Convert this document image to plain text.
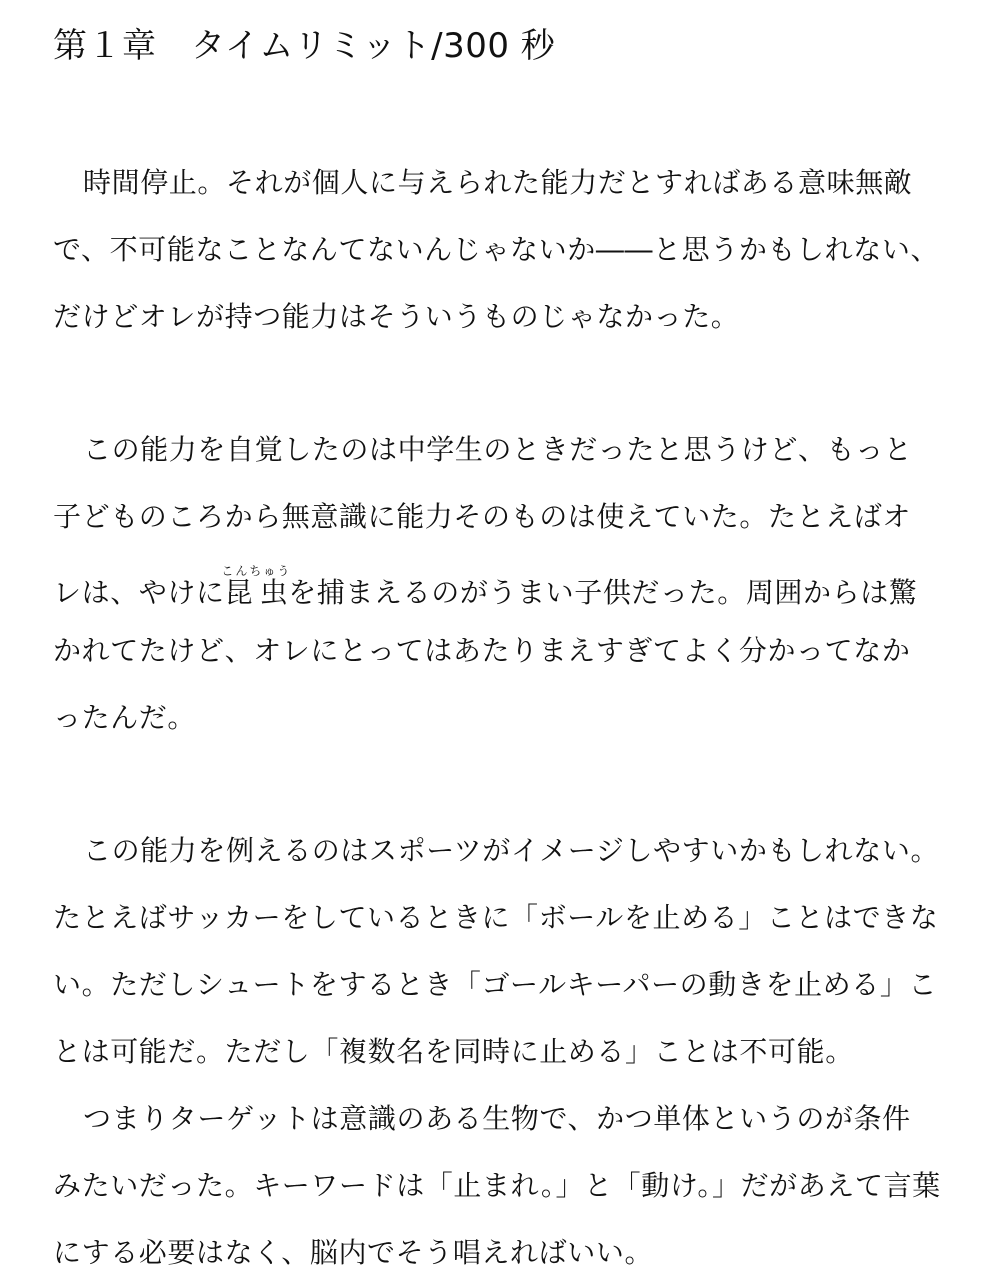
第１章　タイムリミット/300 秒

時間停止。それが個人に与えられた能力だとすればある意味無敵

で、不可能なことなんてないんじゃないか――と思うかもしれない、

だけどオレが持つ能力はそういうものじゃなかった。

この能力を自覚したのは中学生のときだったと思うけど、もっと

子どものころから無意識に能力そのものは使えていた。たとえばオ

レは、やけに昆虫こんちゅうを捕まえるのがうまい子供だった。周囲からは驚

かれてたけど、オレにとってはあたりまえすぎてよく分かってなか

ったんだ。

この能力を例えるのはスポーツがイメージしやすいかもしれない。

たとえばサッカーをしているときに「ボールを止める」ことはできな

い。ただしシュートをするとき「ゴールキーパーの動きを止める」こ

とは可能だ。ただし「複数名を同時に止める」ことは不可能。

つまりターゲットは意識のある生物で、かつ単体というのが条件

みたいだった。キーワードは「止まれ。」と「動け。」だがあえて言葉

にする必要はなく、脳内でそう唱えればいい。
